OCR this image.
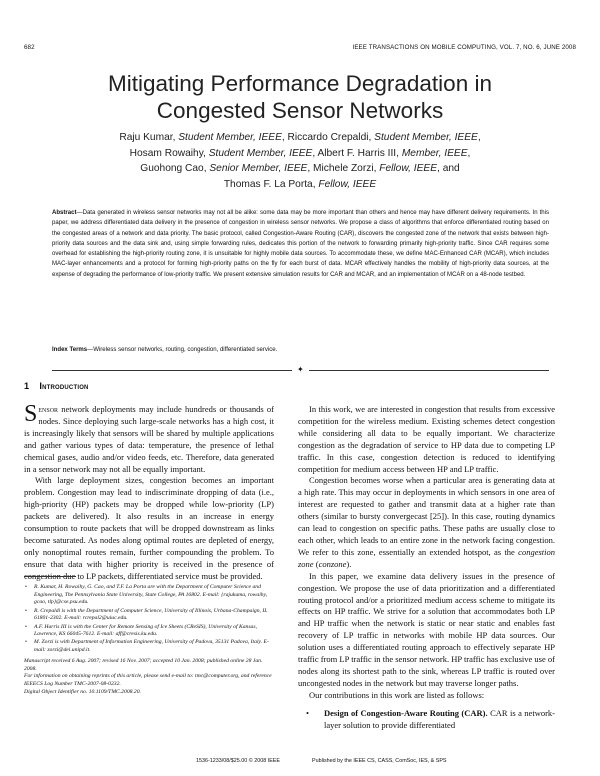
682	IEEE TRANSACTIONS ON MOBILE COMPUTING, VOL. 7, NO. 6, JUNE 2008
Mitigating Performance Degradation in
Congested Sensor Networks
Raju Kumar, Student Member, IEEE, Riccardo Crepaldi, Student Member, IEEE,
Hosam Rowaihy, Student Member, IEEE, Albert F. Harris III, Member, IEEE,
Guohong Cao, Senior Member, IEEE, Michele Zorzi, Fellow, IEEE, and
Thomas F. La Porta, Fellow, IEEE
Abstract—Data generated in wireless sensor networks may not all be alike: some data may be more important than others and hence may have different delivery requirements. In this paper, we address differentiated data delivery in the presence of congestion in wireless sensor networks. We propose a class of algorithms that enforce differentiated routing based on the congested areas of a network and data priority. The basic protocol, called Congestion-Aware Routing (CAR), discovers the congested zone of the network that exists between high-priority data sources and the data sink and, using simple forwarding rules, dedicates this portion of the network to forwarding primarily high-priority traffic. Since CAR requires some overhead for establishing the high-priority routing zone, it is unsuitable for highly mobile data sources. To accommodate these, we define MAC-Enhanced CAR (MCAR), which includes MAC-layer enhancements and a protocol for forming high-priority paths on the fly for each burst of data. MCAR effectively handles the mobility of high-priority data sources, at the expense of degrading the performance of low-priority traffic. We present extensive simulation results for CAR and MCAR, and an implementation of MCAR on a 48-node testbed.
Index Terms—Wireless sensor networks, routing, congestion, differentiated service.
✦
1 Introduction

Sensor network deployments may include hundreds or thousands of nodes. Since deploying such large-scale networks has a high cost, it is increasingly likely that sensors will be shared by multiple applications and gather various types of data: temperature, the presence of lethal chemical gases, audio and/or video feeds, etc. Therefore, data generated in a sensor network may not all be equally important.

With large deployment sizes, congestion becomes an important problem. Congestion may lead to indiscriminate dropping of data (i.e., high-priority (HP) packets may be dropped while low-priority (LP) packets are delivered). It also results in an increase in energy consumption to route packets that will be dropped downstream as links become saturated. As nodes along optimal routes are depleted of energy, only nonoptimal routes remain, further compounding the problem. To ensure that data with higher priority is received in the presence of congestion due to LP packets, differentiated service must be provided.

• R. Kumar, H. Rowaihy, G. Cao, and T.F. La Porta are with the Department of Computer Science and Engineering, The Pennsylvania State University, State College, PA 16802. E-mail: {rajukuma, rowaihy, gcao, tlp}@cse.psu.edu.
• R. Crepaldi is with the Department of Computer Science, University of Illinois, Urbana-Champaign, IL 61801-2302. E-mail: rcrepal2@uiuc.edu.
• A.F. Harris III is with the Center for Remote Sensing of Ice Sheets (CReSIS), University of Kansas, Lawrence, KS 66045-7612. E-mail: aff@cresis.ku.edu.
• M. Zorzi is with Department of Information Engineering, University of Padova, 35131 Padova, Italy. E-mail: zorzi@dei.unipd.it.
Manuscript received 6 Aug. 2007; revised 16 Nov. 2007; accepted 10 Jan. 2008; published online 28 Jan. 2008.
For information on obtaining reprints of this article, please send e-mail to: tmc@computer.org, and reference IEEECS Log Number TMC-2007-08-0232.
Digital Object Identifier no. 10.1109/TMC.2008.20.

In this work, we are interested in congestion that results from excessive competition for the wireless medium. Existing schemes detect congestion while considering all data to be equally important. We characterize congestion as the degradation of service to HP data due to competing LP traffic. In this case, congestion detection is reduced to identifying competition for medium access between HP and LP traffic.

Congestion becomes worse when a particular area is generating data at a high rate. This may occur in deployments in which sensors in one area of interest are requested to gather and transmit data at a higher rate than others (similar to bursty convergecast [25]). In this case, routing dynamics can lead to congestion on specific paths. These paths are usually close to each other, which leads to an entire zone in the network facing congestion. We refer to this zone, essentially an extended hotspot, as the congestion zone (conzone).

In this paper, we examine data delivery issues in the presence of congestion. We propose the use of data prioritization and a differentiated routing protocol and/or a prioritized medium access scheme to mitigate its effects on HP traffic. We strive for a solution that accommodates both LP and HP traffic when the network is static or near static and enables fast recovery of LP traffic in networks with mobile HP data sources. Our solution uses a differentiated routing approach to effectively separate HP traffic from LP traffic in the sensor network. HP traffic has exclusive use of nodes along its shortest path to the sink, whereas LP traffic is routed over uncongested nodes in the network but may traverse longer paths.

Our contributions in this work are listed as follows:

• Design of Congestion-Aware Routing (CAR). CAR is a network-layer solution to provide differentiated
1536-1233/08/$25.00 © 2008 IEEE	Published by the IEEE CS, CASS, ComSoc, IES, & SPS
